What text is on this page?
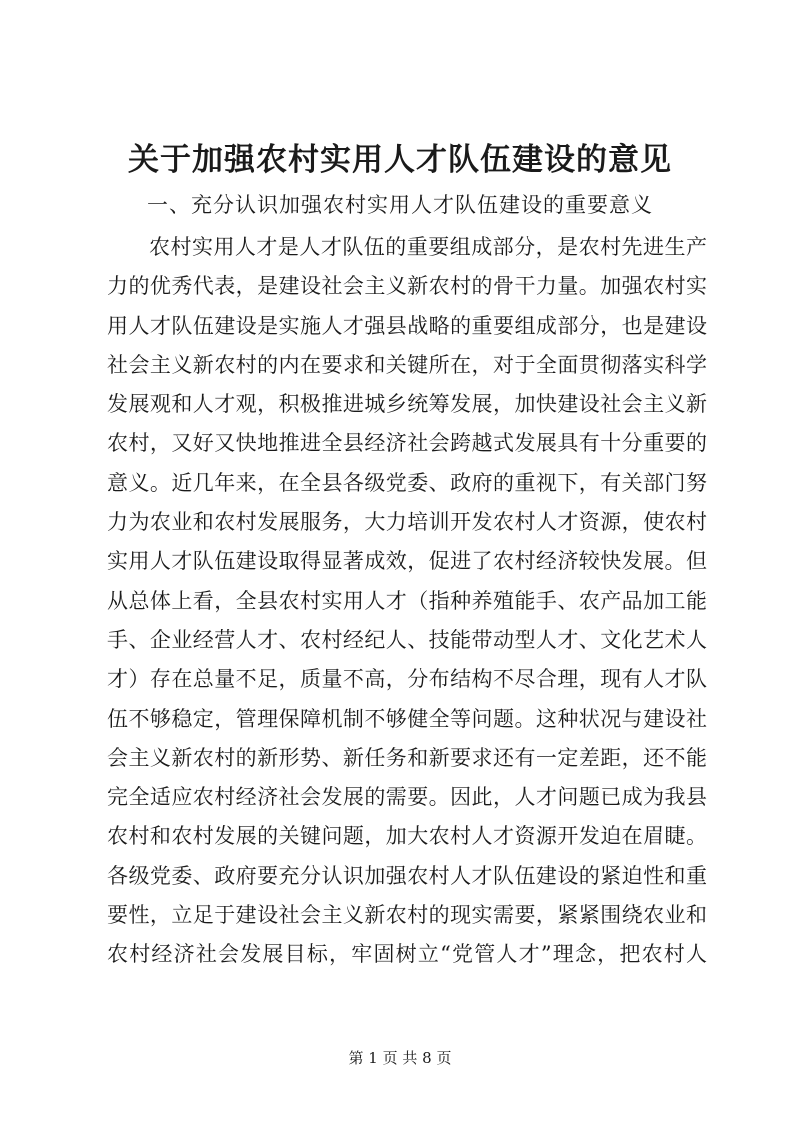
关于加强农村实用人才队伍建设的意见

一、充分认识加强农村实用人才队伍建设的重要意义

农村实用人才是人才队伍的重要组成部分，是农村先进生产
力的优秀代表，是建设社会主义新农村的骨干力量。加强农村实
用人才队伍建设是实施人才强县战略的重要组成部分，也是建设
社会主义新农村的内在要求和关键所在，对于全面贯彻落实科学
发展观和人才观，积极推进城乡统筹发展，加快建设社会主义新
农村，又好又快地推进全县经济社会跨越式发展具有十分重要的
意义。近几年来，在全县各级党委、政府的重视下，有关部门努
力为农业和农村发展服务，大力培训开发农村人才资源，使农村
实用人才队伍建设取得显著成效，促进了农村经济较快发展。但
从总体上看，全县农村实用人才（指种养殖能手、农产品加工能
手、企业经营人才、农村经纪人、技能带动型人才、文化艺术人
才）存在总量不足，质量不高，分布结构不尽合理，现有人才队
伍不够稳定，管理保障机制不够健全等问题。这种状况与建设社
会主义新农村的新形势、新任务和新要求还有一定差距，还不能
完全适应农村经济社会发展的需要。因此，人才问题已成为我县
农村和农村发展的关键问题，加大农村人才资源开发迫在眉睫。
各级党委、政府要充分认识加强农村人才队伍建设的紧迫性和重
要性，立足于建设社会主义新农村的现实需要，紧紧围绕农业和
农村经济社会发展目标，牢固树立“党管人才”理念，把农村人
第 1 页 共 8 页
